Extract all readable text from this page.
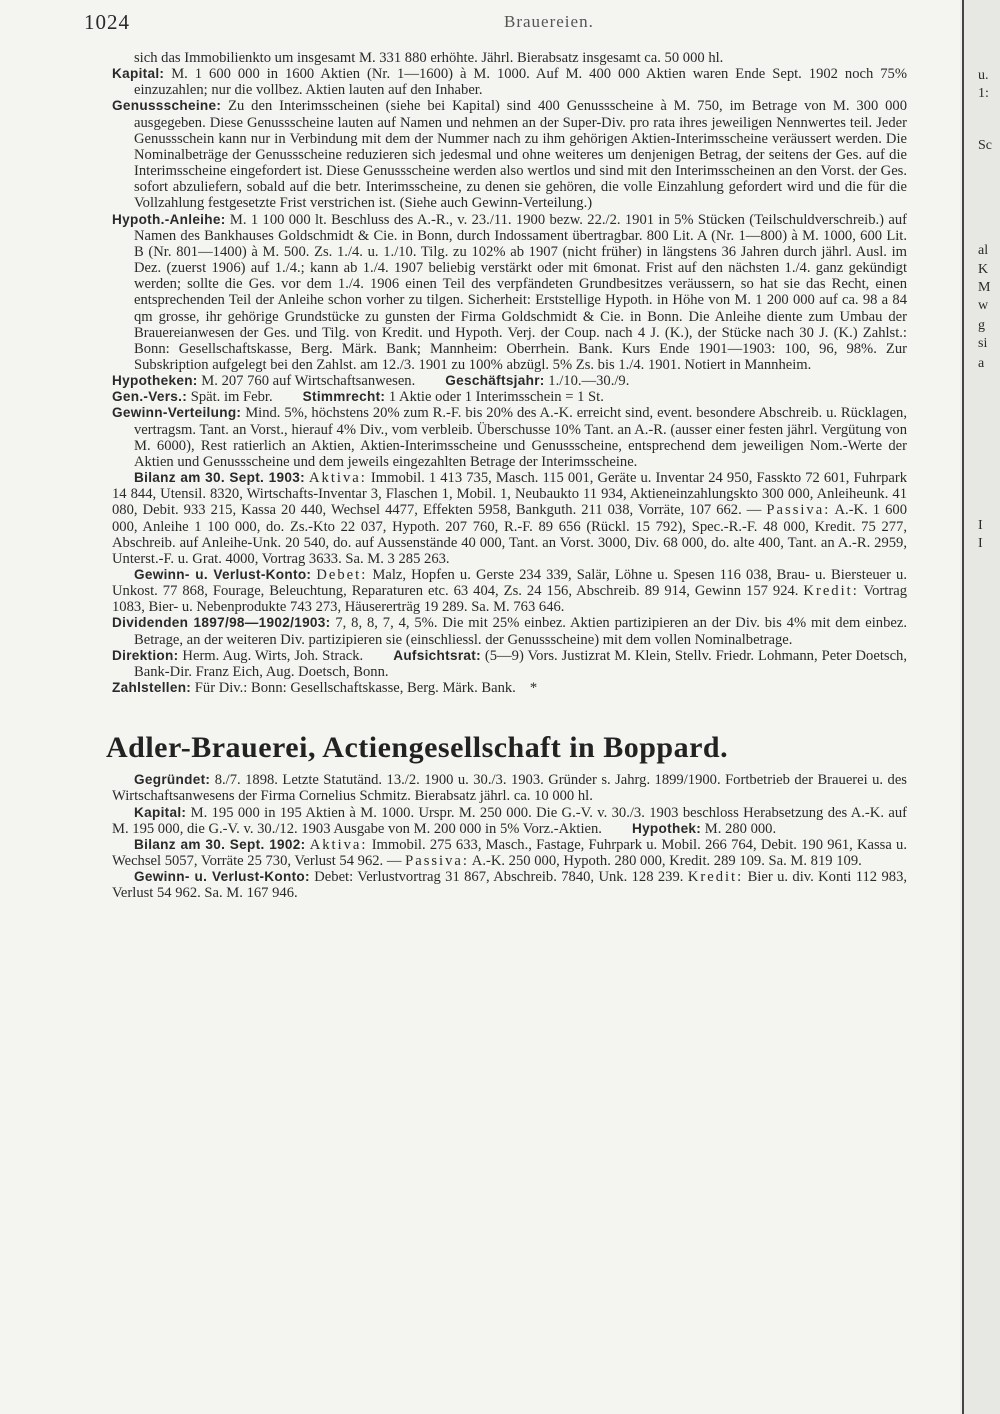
1024	Brauereien.

sich das Immobilienkto um insgesamt M. 331 880 erhöhte. Jährl. Bierabsatz insgesamt ca. 50 000 hl.

Kapital: M. 1 600 000 in 1600 Aktien (Nr. 1—1600) à M. 1000. Auf M. 400 000 Aktien waren Ende Sept. 1902 noch 75% einzuzahlen; nur die vollbez. Aktien lauten auf den Inhaber.

Genussscheine: Zu den Interimsscheinen (siehe bei Kapital) sind 400 Genussscheine à M. 750, im Betrage von M. 300 000 ausgegeben. Diese Genussscheine lauten auf Namen und nehmen an der Super-Div. pro rata ihres jeweiligen Nennwertes teil. Jeder Genussschein kann nur in Verbindung mit dem der Nummer nach zu ihm gehörigen Aktien-Interimsscheine veräussert werden. Die Nominalbeträge der Genussscheine reduzieren sich jedesmal und ohne weiteres um denjenigen Betrag, der seitens der Ges. auf die Interimsscheine eingefordert ist. Diese Genussscheine werden also wertlos und sind mit den Interimsscheinen an den Vorst. der Ges. sofort abzuliefern, sobald auf die betr. Interimsscheine, zu denen sie gehören, die volle Einzahlung gefordert wird und die für die Vollzahlung festgesetzte Frist verstrichen ist. (Siehe auch Gewinn-Verteilung.)

Hypoth.-Anleihe: M. 1 100 000 lt. Beschluss des A.-R., v. 23./11. 1900 bezw. 22./2. 1901 in 5% Stücken (Teilschuldverschreib.) auf Namen des Bankhauses Goldschmidt & Cie. in Bonn, durch Indossament übertragbar. 800 Lit. A (Nr. 1—800) à M. 1000, 600 Lit. B (Nr. 801—1400) à M. 500. Zs. 1./4. u. 1./10. Tilg. zu 102% ab 1907 (nicht früher) in längstens 36 Jahren durch jährl. Ausl. im Dez. (zuerst 1906) auf 1./4.; kann ab 1./4. 1907 beliebig verstärkt oder mit 6monat. Frist auf den nächsten 1./4. ganz gekündigt werden; sollte die Ges. vor dem 1./4. 1906 einen Teil des verpfändeten Grundbesitzes veräussern, so hat sie das Recht, einen entsprechenden Teil der Anleihe schon vorher zu tilgen. Sicherheit: Erststellige Hypoth. in Höhe von M. 1 200 000 auf ca. 98 a 84 qm grosse, ihr gehörige Grundstücke zu gunsten der Firma Goldschmidt & Cie. in Bonn. Die Anleihe diente zum Umbau der Brauereianwesen der Ges. und Tilg. von Kredit. und Hypoth. Verj. der Coup. nach 4 J. (K.), der Stücke nach 30 J. (K.) Zahlst.: Bonn: Gesellschaftskasse, Berg. Märk. Bank; Mannheim: Oberrhein. Bank. Kurs Ende 1901—1903: 100, 96, 98%. Zur Subskription aufgelegt bei den Zahlst. am 12./3. 1901 zu 100% abzügl. 5% Zs. bis 1./4. 1901. Notiert in Mannheim.

Hypotheken: M. 207 760 auf Wirtschaftsanwesen. Geschäftsjahr: 1./10.—30./9.

Gen.-Vers.: Spät. im Febr. Stimmrecht: 1 Aktie oder 1 Interimsschein = 1 St.

Gewinn-Verteilung: Mind. 5%, höchstens 20% zum R.-F. bis 20% des A.-K. erreicht sind, event. besondere Abschreib. u. Rücklagen, vertragsm. Tant. an Vorst., hierauf 4% Div., vom verbleib. Überschusse 10% Tant. an A.-R. (ausser einer festen jährl. Vergütung von M. 6000), Rest ratierlich an Aktien, Aktien-Interimsscheine und Genussscheine, entsprechend dem jeweiligen Nom.-Werte der Aktien und Genussscheine und dem jeweils eingezahlten Betrage der Interimsscheine.

Bilanz am 30. Sept. 1903: Aktiva: Immobil. 1 413 735, Masch. 115 001, Geräte u. Inventar 24 950, Fasskto 72 601, Fuhrpark 14 844, Utensil. 8320, Wirtschafts-Inventar 3, Flaschen 1, Mobil. 1, Neubaukto 11 934, Aktieneinzahlungskto 300 000, Anleiheunk. 41 080, Debit. 933 215, Kassa 20 440, Wechsel 4477, Effekten 5958, Bankguth. 211 038, Vorräte, 107 662. — Passiva: A.-K. 1 600 000, Anleihe 1 100 000, do. Zs.-Kto 22 037, Hypoth. 207 760, R.-F. 89 656 (Rückl. 15 792), Spec.-R.-F. 48 000, Kredit. 75 277, Abschreib. auf Anleihe-Unk. 20 540, do. auf Aussenstände 40 000, Tant. an Vorst. 3000, Div. 68 000, do. alte 400, Tant. an A.-R. 2959, Unterst.-F. u. Grat. 4000, Vortrag 3633. Sa. M. 3 285 263.

Gewinn- u. Verlust-Konto: Debet: Malz, Hopfen u. Gerste 234 339, Salär, Löhne u. Spesen 116 038, Brau- u. Biersteuer u. Unkost. 77 868, Fourage, Beleuchtung, Reparaturen etc. 63 404, Zs. 24 156, Abschreib. 89 914, Gewinn 157 924. Kredit: Vortrag 1083, Bier- u. Nebenprodukte 743 273, Häusererträg 19 289. Sa. M. 763 646.

Dividenden 1897/98—1902/1903: 7, 8, 8, 7, 4, 5%. Die mit 25% einbez. Aktien partizipieren an der Div. bis 4% mit dem einbez. Betrage, an der weiteren Div. partizipieren sie (einschliessl. der Genussscheine) mit dem vollen Nominalbetrage.

Direktion: Herm. Aug. Wirts, Joh. Strack. Aufsichtsrat: (5—9) Vors. Justizrat M. Klein, Stellv. Friedr. Lohmann, Peter Doetsch, Bank-Dir. Franz Eich, Aug. Doetsch, Bonn.

Zahlstellen: Für Div.: Bonn: Gesellschaftskasse, Berg. Märk. Bank. *

Adler-Brauerei, Actiengesellschaft in Boppard.

Gegründet: 8./7. 1898. Letzte Statutänd. 13./2. 1900 u. 30./3. 1903. Gründer s. Jahrg. 1899/1900. Fortbetrieb der Brauerei u. des Wirtschaftsanwesens der Firma Cornelius Schmitz. Bierabsatz jährl. ca. 10 000 hl.

Kapital: M. 195 000 in 195 Aktien à M. 1000. Urspr. M. 250 000. Die G.-V. v. 30./3. 1903 beschloss Herabsetzung des A.-K. auf M. 195 000, die G.-V. v. 30./12. 1903 Ausgabe von M. 200 000 in 5% Vorz.-Aktien. Hypothek: M. 280 000.

Bilanz am 30. Sept. 1902: Aktiva: Immobil. 275 633, Masch., Fastage, Fuhrpark u. Mobil. 266 764, Debit. 190 961, Kassa u. Wechsel 5057, Vorräte 25 730, Verlust 54 962. — Passiva: A.-K. 250 000, Hypoth. 280 000, Kredit. 289 109. Sa. M. 819 109.

Gewinn- u. Verlust-Konto: Debet: Verlustvortrag 31 867, Abschreib. 7840, Unk. 128 239. Kredit: Bier u. div. Konti 112 983, Verlust 54 962. Sa. M. 167 946.

u.
1:
Sc
al
K
M
w
g
si
a
I
I
